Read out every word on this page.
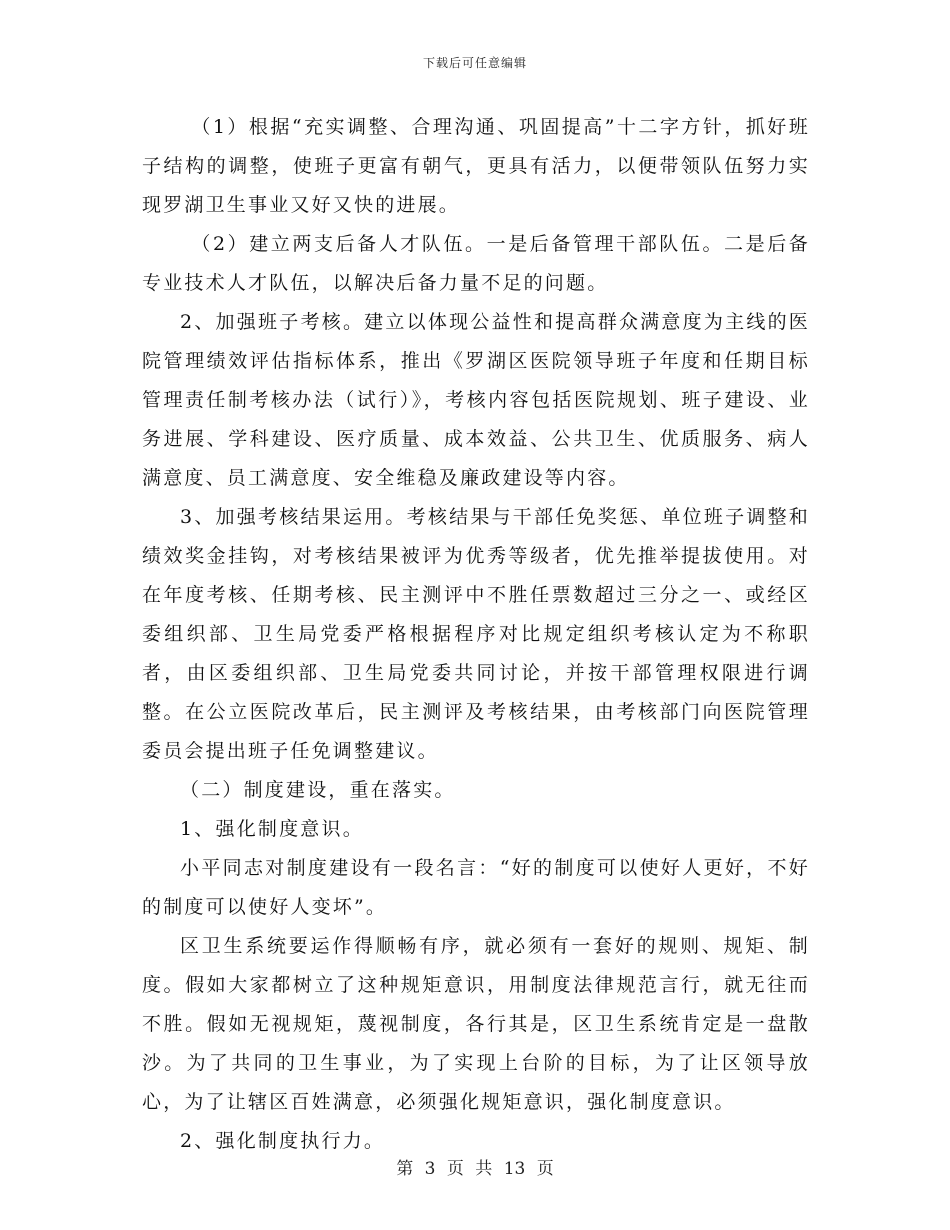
下载后可任意编辑

（1）根据“充实调整、合理沟通、巩固提高”十二字方针，抓好班子结构的调整，使班子更富有朝气，更具有活力，以便带领队伍努力实现罗湖卫生事业又好又快的进展。

（2）建立两支后备人才队伍。一是后备管理干部队伍。二是后备专业技术人才队伍，以解决后备力量不足的问题。

2、加强班子考核。建立以体现公益性和提高群众满意度为主线的医院管理绩效评估指标体系，推出《罗湖区医院领导班子年度和任期目标管理责任制考核办法（试行）》，考核内容包括医院规划、班子建设、业务进展、学科建设、医疗质量、成本效益、公共卫生、优质服务、病人满意度、员工满意度、安全维稳及廉政建设等内容。

3、加强考核结果运用。考核结果与干部任免奖惩、单位班子调整和绩效奖金挂钩，对考核结果被评为优秀等级者，优先推举提拔使用。对在年度考核、任期考核、民主测评中不胜任票数超过三分之一、或经区委组织部、卫生局党委严格根据程序对比规定组织考核认定为不称职者，由区委组织部、卫生局党委共同讨论，并按干部管理权限进行调整。在公立医院改革后，民主测评及考核结果，由考核部门向医院管理委员会提出班子任免调整建议。

（二）制度建设，重在落实。

1、强化制度意识。

小平同志对制度建设有一段名言：“好的制度可以使好人更好，不好的制度可以使好人变坏”。

区卫生系统要运作得顺畅有序，就必须有一套好的规则、规矩、制度。假如大家都树立了这种规矩意识，用制度法律规范言行，就无往而不胜。假如无视规矩，蔑视制度，各行其是，区卫生系统肯定是一盘散沙。为了共同的卫生事业，为了实现上台阶的目标，为了让区领导放心，为了让辖区百姓满意，必须强化规矩意识，强化制度意识。

2、强化制度执行力。

第 3 页 共 13 页
